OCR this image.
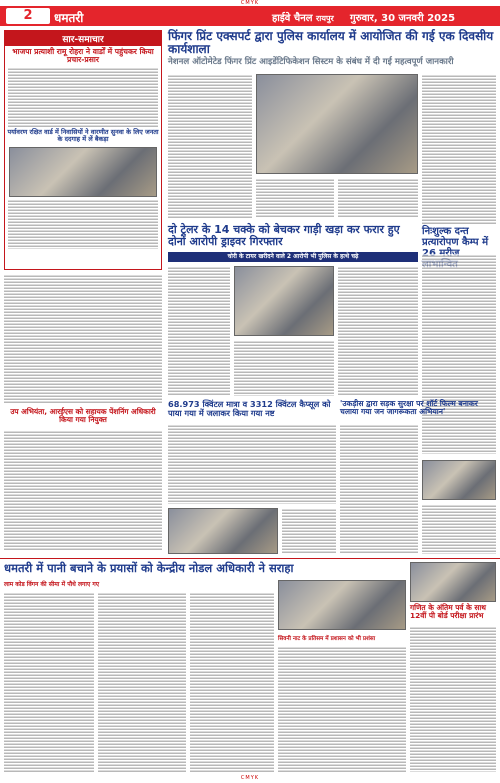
CMYK
2	धमतरी	हाईवे चैनल रायपुर गुरुवार, 30 जनवरी 2025
सार-समाचार
भाजपा प्रत्याशी रामू रोहरा ने वार्डों में पहुंचकर किया प्रचार-प्रसार
पर्यावरण रक्षित वार्ड में निवासियों ने वारणीत सुनवा के लिए जनता के ददगाह में लें बैकड़ा
उप अभियंता, आरईएस को सहायक पेंशनिंग अधिकारी किया गया नियुक्त
फिंगर प्रिंट एक्सपर्ट द्वारा पुलिस कार्यालय में आयोजित की गई एक दिवसीय कार्यशाला
नेशनल ऑटोमेटेड फिंगर प्रिंट आइडेंटिफिकेशन सिस्टम के संबंध में दी गई महत्वपूर्ण जानकारी
निःशुल्क दन्त प्रत्यारोपण कैम्प में
दो ट्रेलर के 14 चक्के को बेचकर गाड़ी खड़ा कर फरार हुए दोनों आरोपी ड्राइवर गिरफ्तार
चोरी के टायर खरीदने वाले 2 आरोपी भी पुलिस के हत्थे चढ़े
68.973 क्विंटल मात्रा व 3312 क्विंटल कैप्सूल को पाया गया में जलाकर किया गया नष्ट
'उकड़ीस द्वारा सड़क सुरक्षा पर शॉर्ट फिल्म बनाकर चलाया गया जन जागरूकता अभियान'
धमतरी में पानी बचाने के प्रयासों को केन्द्रीय नोडल अधिकारी ने सराहा
लाम कोड विंगन की सीमा में पौधे लगाए गए
सिवनी नाट के प्रतिसम में प्रशासन को भी प्रशंसा
गणित के अंतिम पर्व के साथ 12वीं पी बोर्ड परीक्षा प्रारंभ
CMYK
